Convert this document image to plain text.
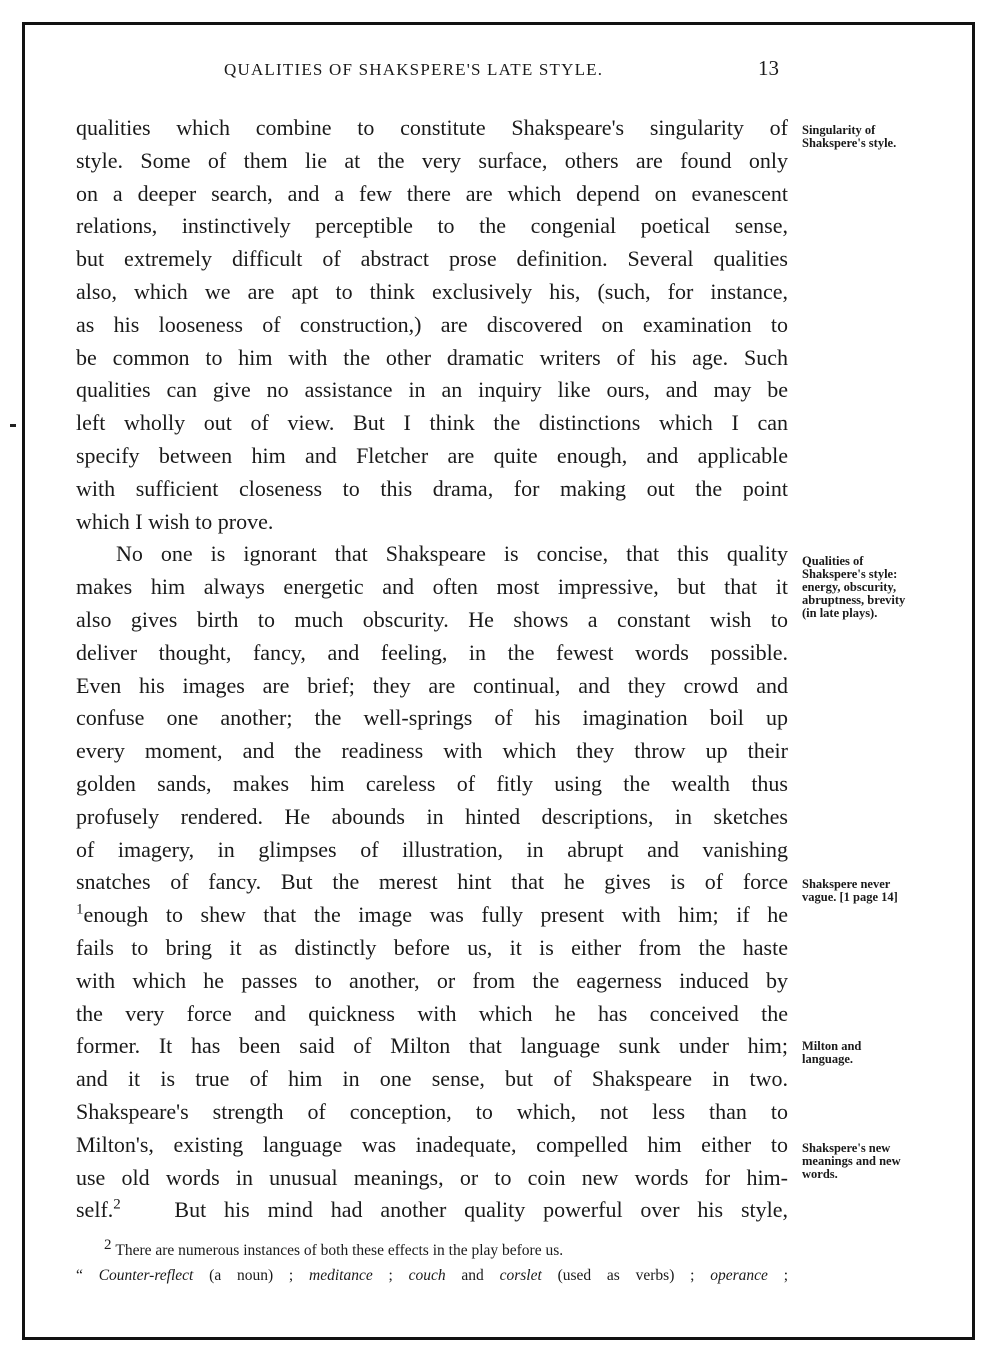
QUALITIES OF SHAKSPERE'S LATE STYLE.	13
qualities which combine to constitute Shakspeare's singularity of
style. Some of them lie at the very surface, others are found only
on a deeper search, and a few there are which depend on evanescent
relations, instinctively perceptible to the congenial poetical sense,
but extremely difficult of abstract prose definition. Several qualities
also, which we are apt to think exclusively his, (such, for instance,
as his looseness of construction,) are discovered on examination to
be common to him with the other dramatic writers of his age. Such
qualities can give no assistance in an inquiry like ours, and may be
left wholly out of view. But I think the distinctions which I can
specify between him and Fletcher are quite enough, and applicable
with sufficient closeness to this drama, for making out the point
which I wish to prove.
No one is ignorant that Shakspeare is concise, that this quality
makes him always energetic and often most impressive, but that it
also gives birth to much obscurity. He shows a constant wish to
deliver thought, fancy, and feeling, in the fewest words possible.
Even his images are brief; they are continual, and they crowd and
confuse one another; the well-springs of his imagination boil up
every moment, and the readiness with which they throw up their
golden sands, makes him careless of fitly using the wealth thus
profusely rendered. He abounds in hinted descriptions, in sketches
of imagery, in glimpses of illustration, in abrupt and vanishing
snatches of fancy. But the merest hint that he gives is of force
$^1$enough to shew that the image was fully present with him; if he
fails to bring it as distinctly before us, it is either from the haste
with which he passes to another, or from the eagerness induced by
the very force and quickness with which he has conceived the
former. It has been said of Milton that language sunk under him;
and it is true of him in one sense, but of Shakspeare in two.
Shakspeare's strength of conception, to which, not less than to
Milton's, existing language was inadequate, compelled him either to
use old words in unusual meanings, or to coin new words for him-
self.$^2$ But his mind had another quality powerful over his style,
Singularity of Shakspere's style.
Qualities of Shakspere's style: energy, obscurity, abruptness, brevity (in late plays).
Shakspere never vague. [1 page 14]
Milton and language.
Shakspere's new meanings and new words.
2 There are numerous instances of both these effects in the play before us.
“ Counter-reflect (a noun) ; meditance ; couch and corslet (used as verbs) ; operance ;
